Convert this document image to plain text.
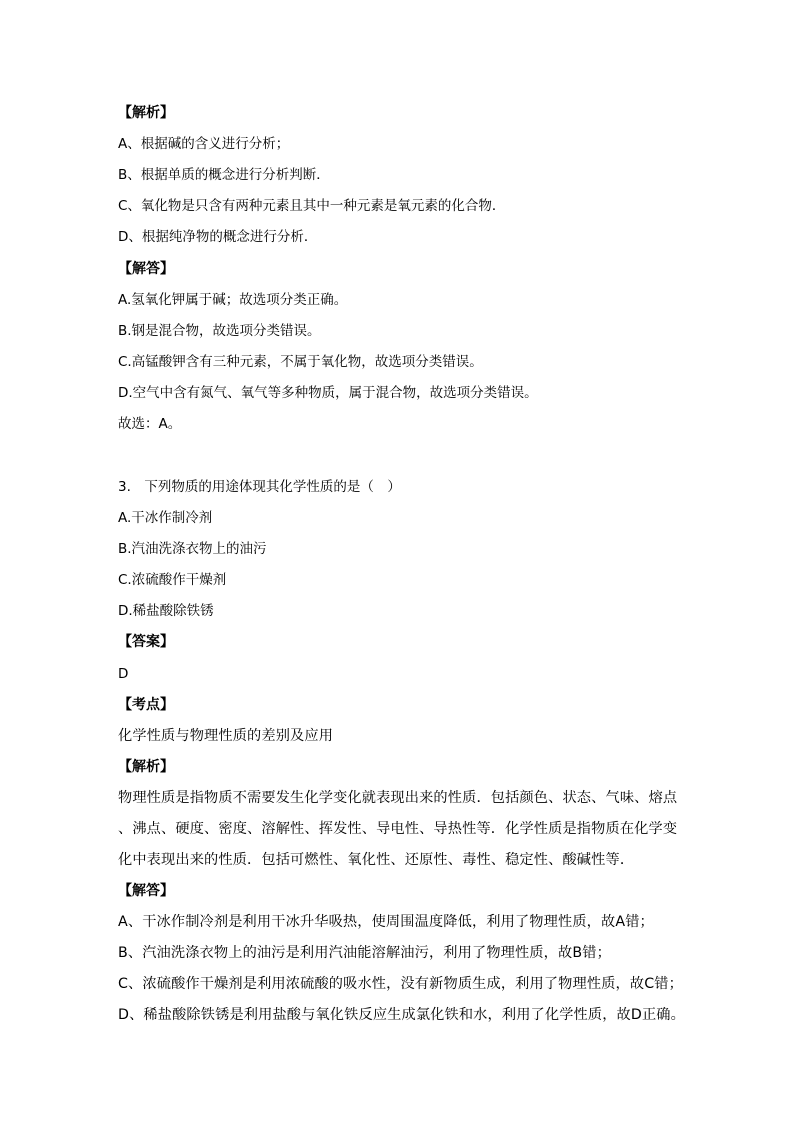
【解析】
A、根据碱的含义进行分析；
B、根据单质的概念进行分析判断．
C、氧化物是只含有两种元素且其中一种元素是氧元素的化合物．
D、根据纯净物的概念进行分析．
【解答】
A.氢氧化钾属于碱；故选项分类正确。
B.钢是混合物，故选项分类错误。
C.高锰酸钾含有三种元素，不属于氧化物，故选项分类错误。
D.空气中含有氮气、氧气等多种物质，属于混合物，故选项分类错误。
故选：A。
3.　下列物质的用途体现其化学性质的是（　）
A.干冰作制冷剂
B.汽油洗涤衣物上的油污
C.浓硫酸作干燥剂
D.稀盐酸除铁锈
【答案】
D
【考点】
化学性质与物理性质的差别及应用
【解析】
物理性质是指物质不需要发生化学变化就表现出来的性质．包括颜色、状态、气味、熔点
、沸点、硬度、密度、溶解性、挥发性、导电性、导热性等．化学性质是指物质在化学变
化中表现出来的性质．包括可燃性、氧化性、还原性、毒性、稳定性、酸碱性等．
【解答】
A、干冰作制冷剂是利用干冰升华吸热，使周围温度降低，利用了物理性质，故A错；
B、汽油洗涤衣物上的油污是利用汽油能溶解油污，利用了物理性质，故B错；
C、浓硫酸作干燥剂是利用浓硫酸的吸水性，没有新物质生成，利用了物理性质，故C错；
D、稀盐酸除铁锈是利用盐酸与氧化铁反应生成氯化铁和水，利用了化学性质，故D正确。
